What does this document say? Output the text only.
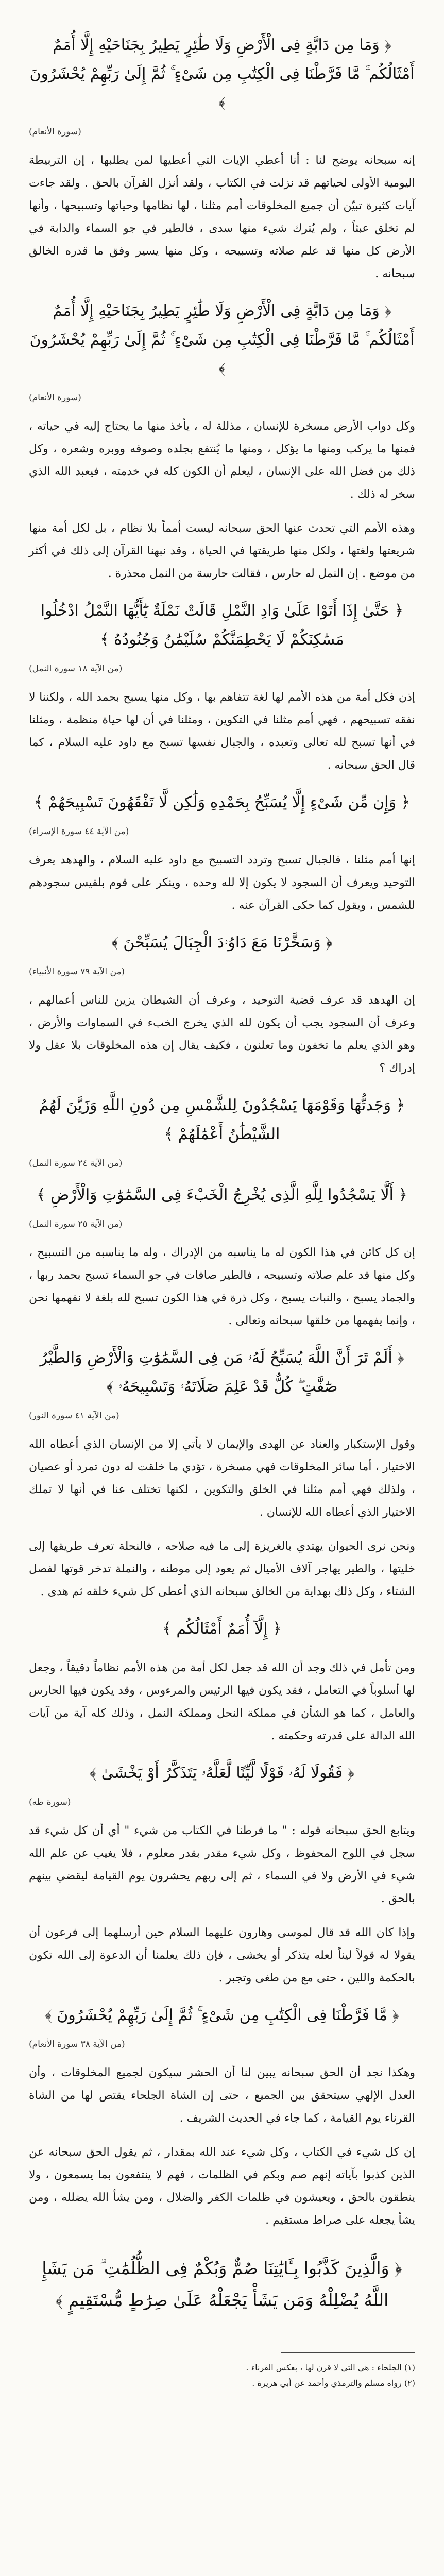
﴿ وَمَا مِن دَابَّةٍ فِى الْأَرْضِ وَلَا طَٰئِرٍ يَطِيرُ بِجَنَاحَيْهِ إِلَّا أُمَمٌ أَمْثَالُكُم ۚ مَّا فَرَّطْنَا فِى الْكِتَٰبِ مِن شَىْءٍ ۚ ثُمَّ إِلَىٰ رَبِّهِمْ يُحْشَرُونَ ﴾

(سورة الأنعام)

إنه سبحانه يوضح لنا : أنا أعطي الإيات التي أعطيها لمن يطلبها ، إن التربيطة اليومية الأولى لحياتهم قد نزلت في الكتاب ، ولقد أنزل القرآن بالحق . ولقد جاءت آيات كثيرة تبيّن أن جميع المخلوقات أمم مثلنا ، لها نظامها وحياتها وتسبيحها ، وأنها لم تخلق عبثاً ، ولم يُترك شيء منها سدى ، فالطير في جو السماء والدابة في الأرض كل منها قد علم صلاته وتسبيحه ، وكل منها يسير وفق ما قدره الخالق سبحانه .

﴿ وَمَا مِن دَابَّةٍ فِى الْأَرْضِ وَلَا طَٰئِرٍ يَطِيرُ بِجَنَاحَيْهِ إِلَّا أُمَمٌ أَمْثَالُكُم ۚ مَّا فَرَّطْنَا فِى الْكِتَٰبِ مِن شَىْءٍ ۚ ثُمَّ إِلَىٰ رَبِّهِمْ يُحْشَرُونَ ﴾

(سورة الأنعام)

وكل دواب الأرض مسخرة للإنسان ، مذللة له ، يأخذ منها ما يحتاج إليه في حياته ، فمنها ما يركب ومنها ما يؤكل ، ومنها ما يُنتفع بجلده وصوفه ووبره وشعره ، وكل ذلك من فضل الله على الإنسان ، ليعلم أن الكون كله في خدمته ، فيعبد الله الذي سخر له ذلك .

وهذه الأمم التي تحدث عنها الحق سبحانه ليست أمماً بلا نظام ، بل لكل أمة منها شريعتها ولغتها ، ولكل منها طريقتها في الحياة ، وقد نبهنا القرآن إلى ذلك في أكثر من موضع . إن النمل له حارس ، فقالت حارسة من النمل محذرة .

﴿ حَتَّىٰ إِذَا أَتَوْا عَلَىٰ وَادِ النَّمْلِ قَالَتْ نَمْلَةٌ يَٰٓأَيُّهَا النَّمْلُ ادْخُلُوا مَسَٰكِنَكُمْ لَا يَحْطِمَنَّكُمْ سُلَيْمَٰنُ وَجُنُودُهُ ﴾

(من الآية ١٨ سورة النمل)

إذن فكل أمة من هذه الأمم لها لغة تتفاهم بها ، وكل منها يسبح بحمد الله ، ولكننا لا نفقه تسبيحهم ، فهي أمم مثلنا في التكوين ، ومثلنا في أن لها حياة منظمة ، ومثلنا في أنها تسبح لله تعالى وتعبده ، والجبال نفسها تسبح مع داود عليه السلام ، كما قال الحق سبحانه .

﴿ وَإِن مِّن شَىْءٍ إِلَّا يُسَبِّحُ بِحَمْدِهِ وَلَٰكِن لَّا تَفْقَهُونَ تَسْبِيحَهُمْ ﴾

(من الآية ٤٤ سورة الإسراء)

إنها أمم مثلنا ، فالجبال تسبح وتردد التسبيح مع داود عليه السلام ، والهدهد يعرف التوحيد ويعرف أن السجود لا يكون إلا لله وحده ، وينكر على قوم بلقيس سجودهم للشمس ، ويقول كما حكى القرآن عنه .

﴿ وَسَخَّرْنَا مَعَ دَاوُۥدَ الْجِبَالَ يُسَبِّحْنَ ﴾

(من الآية ٧٩ سورة الأنبياء)

إن الهدهد قد عرف قضية التوحيد ، وعرف أن الشيطان يزين للناس أعمالهم ، وعرف أن السجود يجب أن يكون لله الذي يخرج الخبء في السماوات والأرض ، وهو الذي يعلم ما تخفون وما تعلنون ، فكيف يقال إن هذه المخلوقات بلا عقل ولا إدراك ؟

﴿ وَجَدتُّهَا وَقَوْمَهَا يَسْجُدُونَ لِلشَّمْسِ مِن دُونِ اللَّهِ وَزَيَّنَ لَهُمُ الشَّيْطَٰنُ أَعْمَٰلَهُمْ ﴾

(من الآية ٢٤ سورة النمل)

﴿ أَلَّا يَسْجُدُوا لِلَّهِ الَّذِى يُخْرِجُ الْخَبْءَ فِى السَّمَٰوَٰتِ وَالْأَرْضِ ﴾

(من الآية ٢٥ سورة النمل)

إن كل كائن في هذا الكون له ما يناسبه من الإدراك ، وله ما يناسبه من التسبيح ، وكل منها قد علم صلاته وتسبيحه ، فالطير صافات في جو السماء تسبح بحمد ربها ، والجماد يسبح ، والنبات يسبح ، وكل ذرة في هذا الكون تسبح لله بلغة لا نفهمها نحن ، وإنما يفهمها من خلقها سبحانه وتعالى .

﴿ أَلَمْ تَرَ أَنَّ اللَّهَ يُسَبِّحُ لَهُۥ مَن فِى السَّمَٰوَٰتِ وَالْأَرْضِ وَالطَّيْرُ صَٰٓفَّٰتٍ ۖ كُلٌّ قَدْ عَلِمَ صَلَاتَهُۥ وَتَسْبِيحَهُۥ ﴾

(من الآية ٤١ سورة النور)

وقول الإستكبار والعناد عن الهدى والإيمان لا يأتي إلا من الإنسان الذي أعطاه الله الاختيار ، أما سائر المخلوقات فهي مسخرة ، تؤدي ما خلقت له دون تمرد أو عصيان ، ولذلك فهي أمم مثلنا في الخلق والتكوين ، لكنها تختلف عنا في أنها لا تملك الاختيار الذي أعطاه الله للإنسان .

ونحن نرى الحيوان يهتدي بالغريزة إلى ما فيه صلاحه ، فالنحلة تعرف طريقها إلى خليتها ، والطير يهاجر آلاف الأميال ثم يعود إلى موطنه ، والنملة تدخر قوتها لفصل الشتاء ، وكل ذلك بهداية من الخالق سبحانه الذي أعطى كل شيء خلقه ثم هدى .

﴿ إِلَّآ أُمَمٌ أَمْثَالُكُم ﴾

ومن تأمل في ذلك وجد أن الله قد جعل لكل أمة من هذه الأمم نظاماً دقيقاً ، وجعل لها أسلوباً في التعامل ، فقد يكون فيها الرئيس والمرءوس ، وقد يكون فيها الحارس والعامل ، كما هو الشأن في مملكة النحل ومملكة النمل ، وذلك كله آية من آيات الله الدالة على قدرته وحكمته .

﴿ فَقُولَا لَهُۥ قَوْلًا لَّيِّنًا لَّعَلَّهُۥ يَتَذَكَّرُ أَوْ يَخْشَىٰ ﴾

(سورة طه)

ويتابع الحق سبحانه قوله : " ما فرطنا في الكتاب من شيء " أي أن كل شيء قد سجل في اللوح المحفوظ ، وكل شيء مقدر بقدر معلوم ، فلا يغيب عن علم الله شيء في الأرض ولا في السماء ، ثم إلى ربهم يحشرون يوم القيامة ليقضي بينهم بالحق .

وإذا كان الله قد قال لموسى وهارون عليهما السلام حين أرسلهما إلى فرعون أن يقولا له قولاً ليناً لعله يتذكر أو يخشى ، فإن ذلك يعلمنا أن الدعوة إلى الله تكون بالحكمة واللين ، حتى مع من طغى وتجبر .

﴿ مَّا فَرَّطْنَا فِى الْكِتَٰبِ مِن شَىْءٍ ۚ ثُمَّ إِلَىٰ رَبِّهِمْ يُحْشَرُونَ ﴾

(من الآية ٣٨ سورة الأنعام)

وهكذا نجد أن الحق سبحانه يبين لنا أن الحشر سيكون لجميع المخلوقات ، وأن العدل الإلهي سيتحقق بين الجميع ، حتى إن الشاة الجلحاء يقتص لها من الشاة القرناء يوم القيامة ، كما جاء في الحديث الشريف .

إن كل شيء في الكتاب ، وكل شيء عند الله بمقدار ، ثم يقول الحق سبحانه عن الذين كذبوا بآياته إنهم صم وبكم في الظلمات ، فهم لا ينتفعون بما يسمعون ، ولا ينطقون بالحق ، ويعيشون في ظلمات الكفر والضلال ، ومن يشأ الله يضلله ، ومن يشأ يجعله على صراط مستقيم .

﴿ وَالَّذِينَ كَذَّبُوا بِـَٔايَٰتِنَا صُمٌّ وَبُكْمٌ فِى الظُّلُمَٰتِ ۗ مَن يَشَإِ اللَّهُ يُضْلِلْهُ وَمَن يَشَأْ يَجْعَلْهُ عَلَىٰ صِرَٰطٍ مُّسْتَقِيمٍ ﴾

(١) الجلحاء : هي التي لا قرن لها ، بعكس القرناء .

(٢) رواه مسلم والترمذي وأحمد عن أبي هريرة .
